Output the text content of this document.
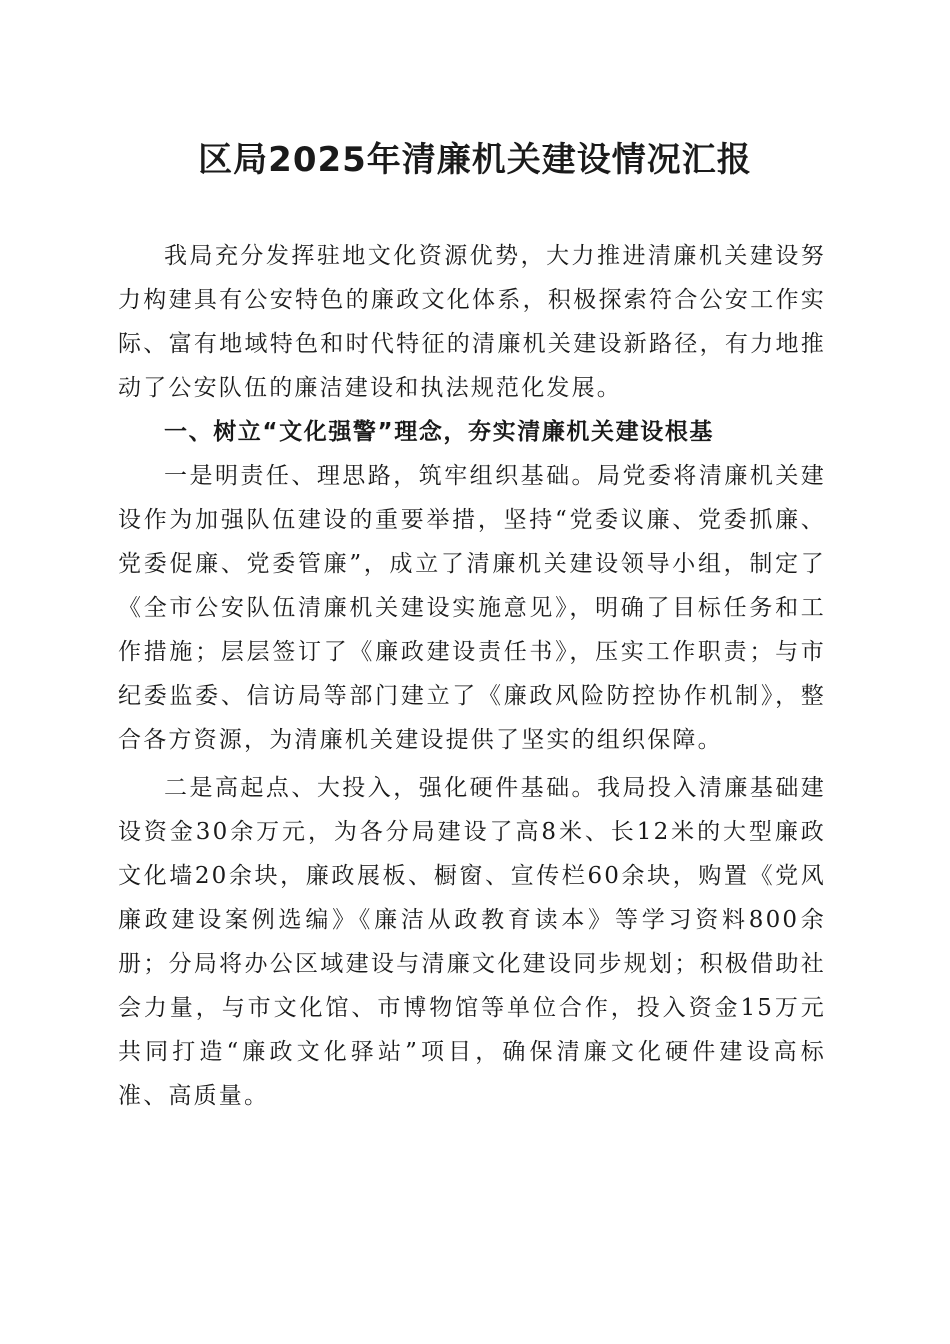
区局2025年清廉机关建设情况汇报

我局充分发挥驻地文化资源优势，大力推进清廉机关建设努力构建具有公安特色的廉政文化体系，积极探索符合公安工作实际、富有地域特色和时代特征的清廉机关建设新路径，有力地推动了公安队伍的廉洁建设和执法规范化发展。

一、树立“文化强警”理念，夯实清廉机关建设根基

一是明责任、理思路，筑牢组织基础。局党委将清廉机关建设作为加强队伍建设的重要举措，坚持“党委议廉、党委抓廉、党委促廉、党委管廉”，成立了清廉机关建设领导小组，制定了《全市公安队伍清廉机关建设实施意见》，明确了目标任务和工作措施；层层签订了《廉政建设责任书》，压实工作职责；与市纪委监委、信访局等部门建立了《廉政风险防控协作机制》，整合各方资源，为清廉机关建设提供了坚实的组织保障。

二是高起点、大投入，强化硬件基础。我局投入清廉基础建设资金30余万元，为各分局建设了高8米、长12米的大型廉政文化墙20余块，廉政展板、橱窗、宣传栏60余块，购置《党风廉政建设案例选编》《廉洁从政教育读本》等学习资料800余册；分局将办公区域建设与清廉文化建设同步规划；积极借助社会力量，与市文化馆、市博物馆等单位合作，投入资金15万元共同打造“廉政文化驿站”项目，确保清廉文化硬件建设高标准、高质量。
